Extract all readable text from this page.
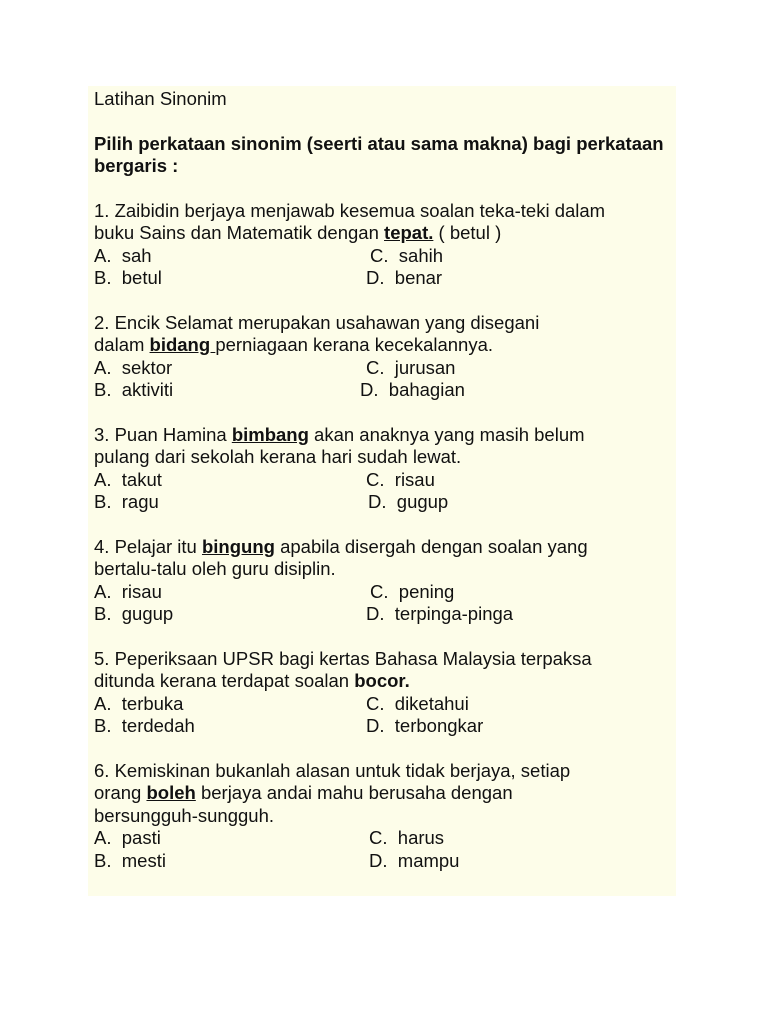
Latihan Sinonim

Pilih perkataan sinonim (seerti atau sama makna) bagi perkataan bergaris :

1. Zaibidin berjaya menjawab kesemua soalan teka-teki dalam

buku Sains dan Matematik dengan tepat. ( betul )

A.  sah	C.  sahih
B.  betul	D.  benar

2. Encik Selamat merupakan usahawan yang disegani

dalam bidang perniagaan kerana kecekalannya.

A.  sektor	C.  jurusan
B.  aktiviti	D.  bahagian

3. Puan Hamina bimbang akan anaknya yang masih belum

pulang dari sekolah kerana hari sudah lewat.

A.  takut	C.  risau
B.  ragu	D.  gugup

4. Pelajar itu bingung apabila disergah dengan soalan yang

bertalu-talu oleh guru disiplin.

A.  risau	C.  pening
B.  gugup	D.  terpinga-pinga

5. Peperiksaan UPSR bagi kertas Bahasa Malaysia terpaksa

ditunda kerana terdapat soalan bocor.

A.  terbuka	C.  diketahui
B.  terdedah	D.  terbongkar

6. Kemiskinan bukanlah alasan untuk tidak berjaya, setiap

orang boleh berjaya andai mahu berusaha dengan

bersungguh-sungguh.

A.  pasti	C.  harus
B.  mesti	D.  mampu
